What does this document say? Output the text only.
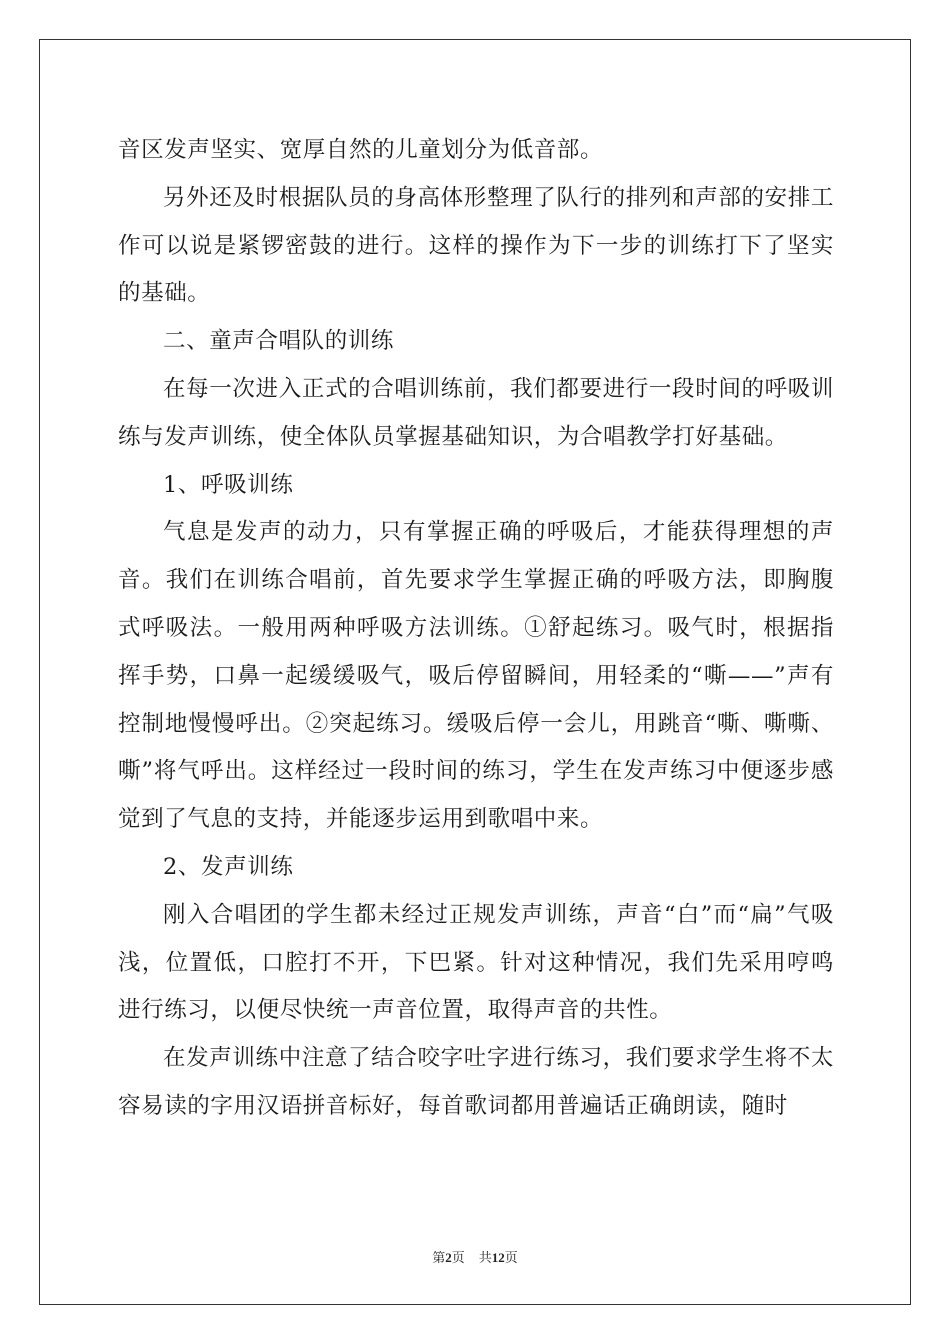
音区发声坚实、宽厚自然的儿童划分为低音部。

另外还及时根据队员的身高体形整理了队行的排列和声部的安排工作可以说是紧锣密鼓的进行。这样的操作为下一步的训练打下了坚实的基础。

二、童声合唱队的训练

在每一次进入正式的合唱训练前，我们都要进行一段时间的呼吸训练与发声训练，使全体队员掌握基础知识，为合唱教学打好基础。

1、呼吸训练

气息是发声的动力，只有掌握正确的呼吸后，才能获得理想的声音。我们在训练合唱前，首先要求学生掌握正确的呼吸方法，即胸腹式呼吸法。一般用两种呼吸方法训练。①舒起练习。吸气时，根据指挥手势，口鼻一起缓缓吸气，吸后停留瞬间，用轻柔的“嘶——”声有控制地慢慢呼出。②突起练习。缓吸后停一会儿，用跳音“嘶、嘶嘶、嘶”将气呼出。这样经过一段时间的练习，学生在发声练习中便逐步感觉到了气息的支持，并能逐步运用到歌唱中来。

2、发声训练

刚入合唱团的学生都未经过正规发声训练，声音“白”而“扁”气吸浅，位置低，口腔打不开，下巴紧。针对这种情况，我们先采用哼鸣进行练习，以便尽快统一声音位置，取得声音的共性。

在发声训练中注意了结合咬字吐字进行练习，我们要求学生将不太容易读的字用汉语拼音标好，每首歌词都用普遍话正确朗读，随时

第2页 共12页
